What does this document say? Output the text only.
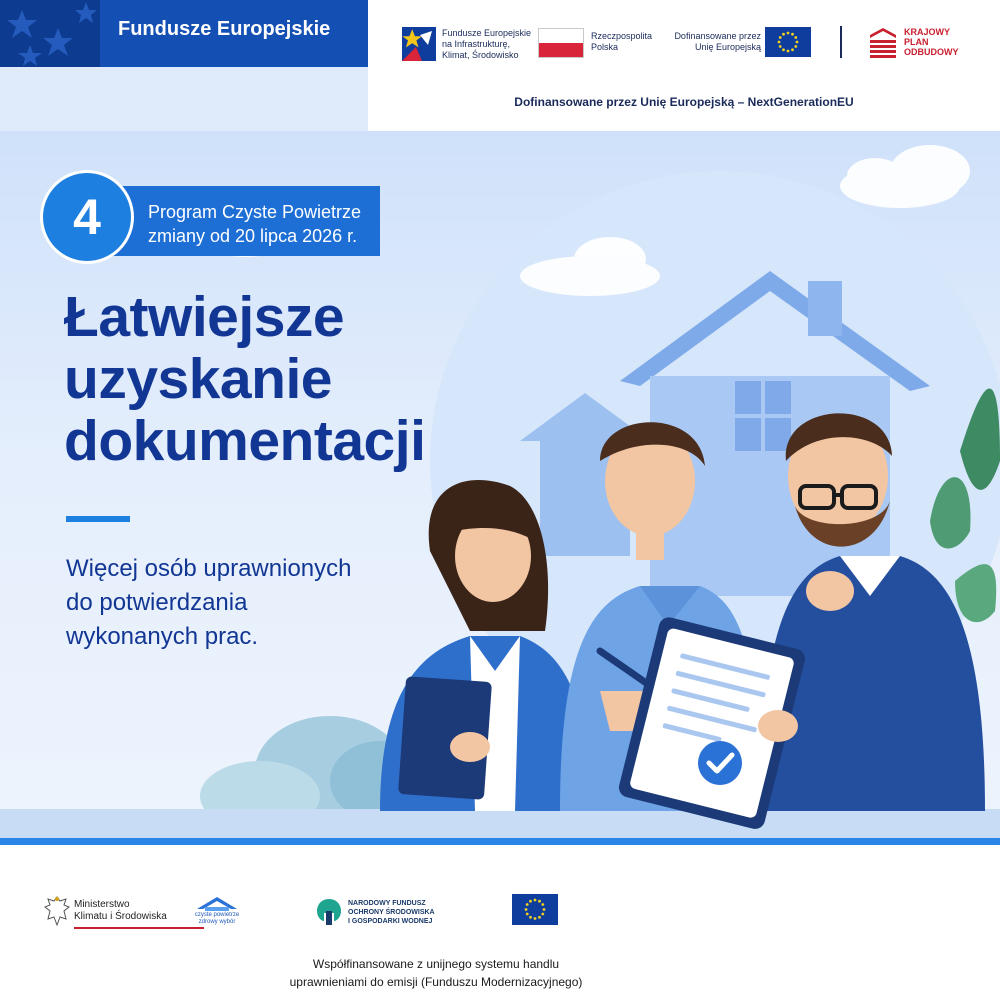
Fundusze Europejskie	Fundusze Europejskie
na Infrastrukturę,
Klimat, Środowisko
Rzeczpospolita
Polska
Dofinansowane przez
Unię Europejską
KRAJOWY
PLAN
ODBUDOWY
Dofinansowane przez Unię Europejską – NextGenerationEU
4	Program Czyste Powietrze
zmiany od 20 lipca 2026 r.
Łatwiejsze
uzyskanie
dokumentacji
Więcej osób uprawnionych
do potwierdzania
wykonanych prac.
Ministerstwo
Klimatu i Środowiska	czyste powietrze
zdrowy wybór
NARODOWY FUNDUSZ
OCHRONY ŚRODOWISKA
I GOSPODARKI WODNEJ
Współfinansowane z unijnego systemu handlu
uprawnieniami do emisji (Funduszu Modernizacyjnego)
